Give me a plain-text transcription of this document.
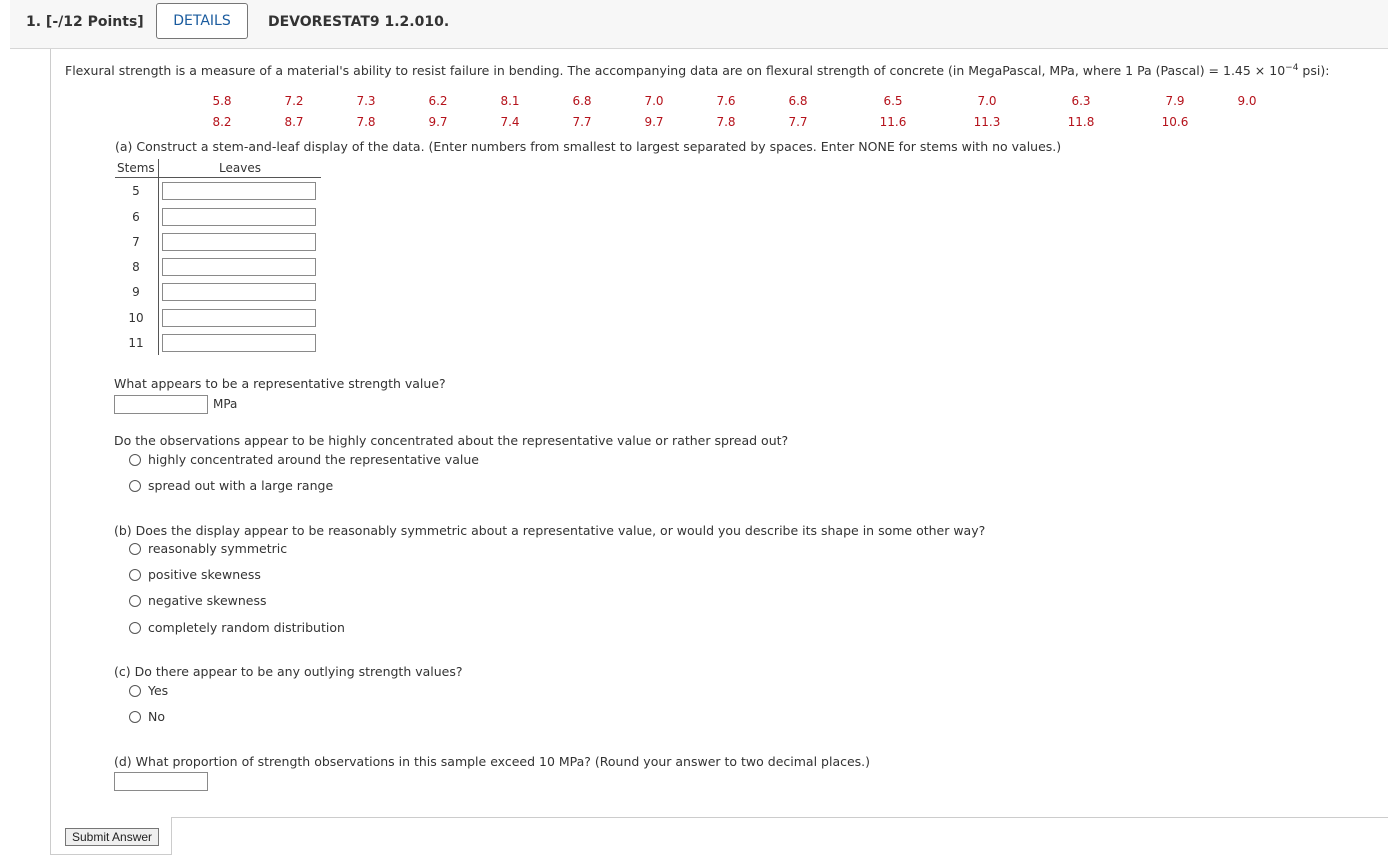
1. [-/12 Points]	DETAILS	DEVORESTAT9 1.2.010.
Flexural strength is a measure of a material's ability to resist failure in bending. The accompanying data are on flexural strength of concrete (in MegaPascal, MPa, where 1 Pa (Pascal) = $1.45 \times 10^{-4}$ psi):
5.8	7.2	7.3	6.2	8.1	6.8	7.0	7.6	6.8	6.5	7.0	6.3	7.9	9.0
8.2	8.7	7.8	9.7	7.4	7.7	9.7	7.8	7.7	11.6	11.3	11.8	10.6
(a) Construct a stem-and-leaf display of the data. (Enter numbers from smallest to largest separated by spaces. Enter NONE for stems with no values.)
Stems	Leaves
5
6
7
8
9
10
11
What appears to be a representative strength value?
MPa
Do the observations appear to be highly concentrated about the representative value or rather spread out?
highly concentrated around the representative value
spread out with a large range
(b) Does the display appear to be reasonably symmetric about a representative value, or would you describe its shape in some other way?
reasonably symmetric
positive skewness
negative skewness
completely random distribution
(c) Do there appear to be any outlying strength values?
Yes
No
(d) What proportion of strength observations in this sample exceed 10 MPa? (Round your answer to two decimal places.)
Submit Answer
